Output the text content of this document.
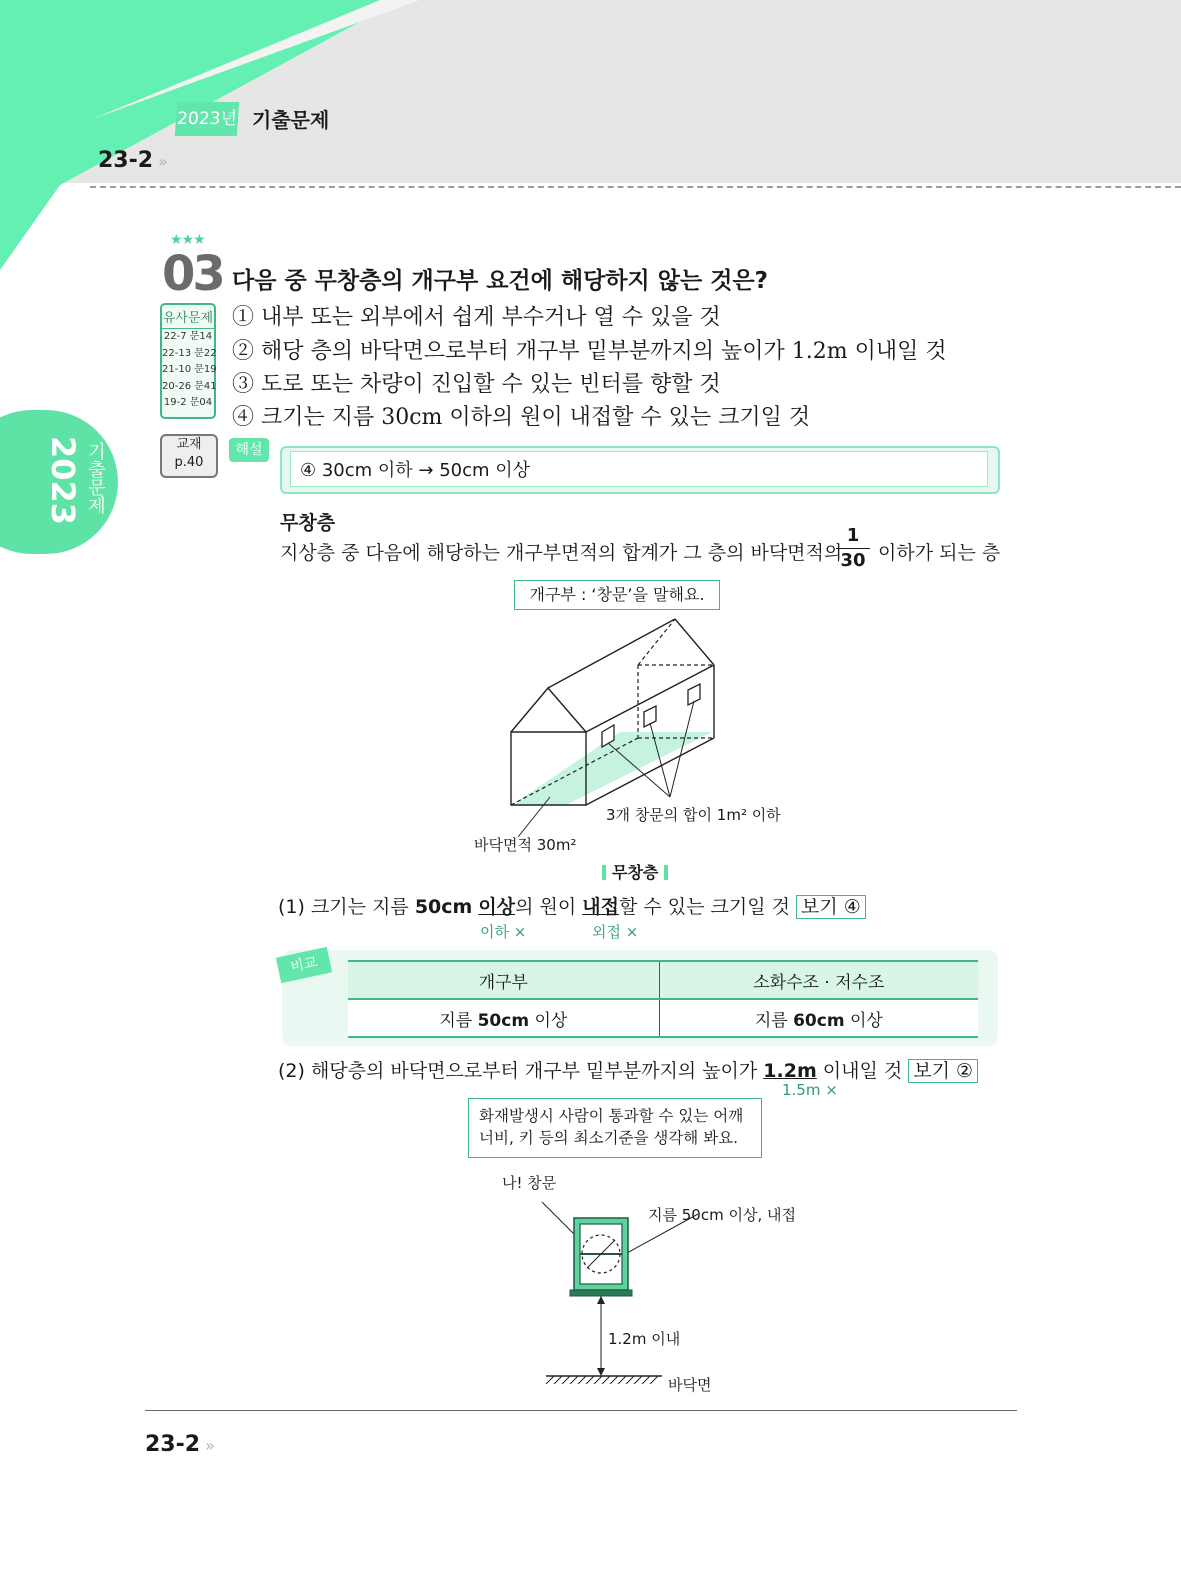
2023년 기출문제
23-2 »
2023 기출문제
★★★
03 다음 중 무창층의 개구부 요건에 해당하지 않는 것은?
① 내부 또는 외부에서 쉽게 부수거나 열 수 있을 것
② 해당 층의 바닥면으로부터 개구부 밑부분까지의 높이가 1.2m 이내일 것
③ 도로 또는 차량이 진입할 수 있는 빈터를 향할 것
④ 크기는 지름 30cm 이하의 원이 내접할 수 있는 크기일 것
유사문제
22-7 문14
22-13 문22
21-10 문19
20-26 문41
19-2 문04
교재
p.40
해설
④ 30cm 이하 → 50cm 이상
무창층
지상층 중 다음에 해당하는 개구부면적의 합계가 그 층의 바닥면적의
$\frac{1}{30}$ 이하가 되는 층
개구부 : ‘창문’을 말해요.
3개 창문의 합이 1m² 이하
바닥면적 30m²
무창층
(1) 크기는 지름 50cm 이상의 원이 내접할 수 있는 크기일 것 보기 ④
이하 ×	외접 ×
비교
개구부	소화수조 · 저수조
지름 50cm 이상	지름 60cm 이상
(2) 해당층의 바닥면으로부터 개구부 밑부분까지의 높이가 1.2m 이내일 것 보기 ②
1.5m ×
화재발생시 사람이 통과할 수 있는 어깨
너비, 키 등의 최소기준을 생각해 봐요.
나! 창문
지름 50cm 이상, 내접
1.2m 이내
바닥면
23-2 »
